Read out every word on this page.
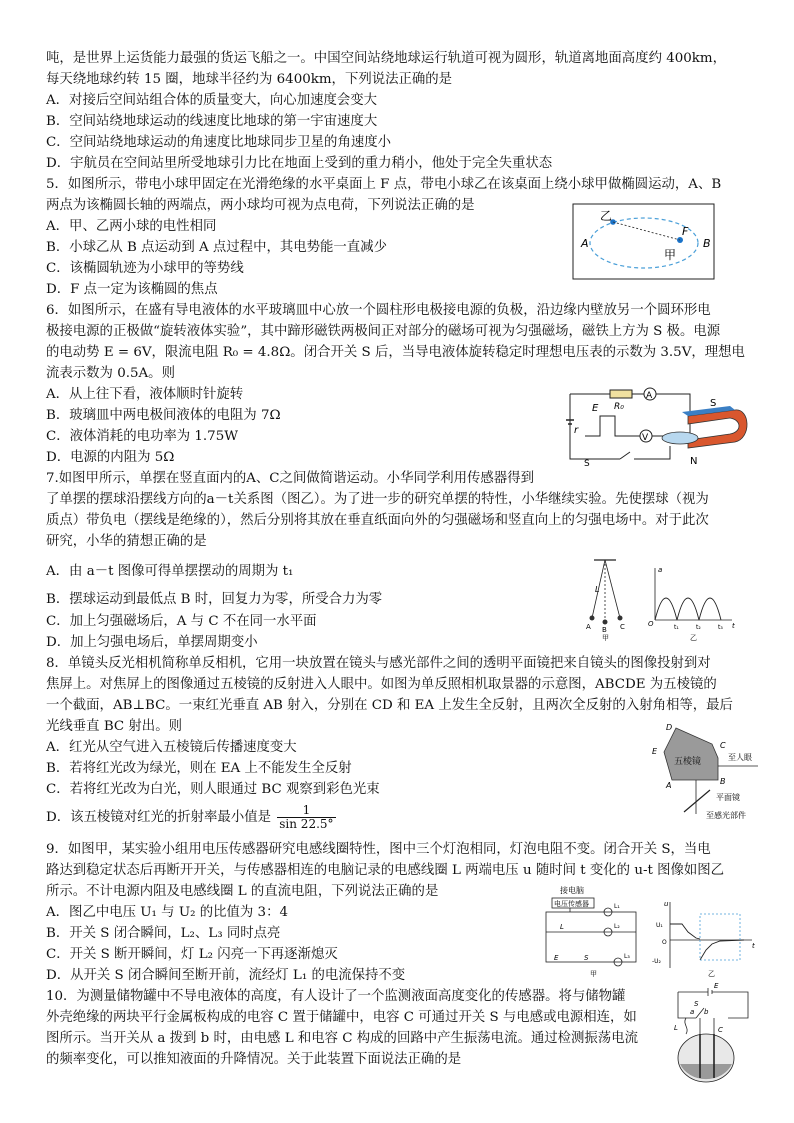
吨，是世界上运货能力最强的货运飞船之一。中国空间站绕地球运行轨道可视为圆形，轨道离地面高度约 400km，
每天绕地球约转 15 圈，地球半径约为 6400km，下列说法正确的是
A．对接后空间站组合体的质量变大，向心加速度会变大
B．空间站绕地球运动的线速度比地球的第一宇宙速度大
C．空间站绕地球运动的角速度比地球同步卫星的角速度小
D．宇航员在空间站里所受地球引力比在地面上受到的重力稍小，他处于完全失重状态
5．如图所示，带电小球甲固定在光滑绝缘的水平桌面上 F 点，带电小球乙在该桌面上绕小球甲做椭圆运动，A、B
两点为该椭圆长轴的两端点，两小球均可视为点电荷，下列说法正确的是
A．甲、乙两小球的电性相同
B．小球乙从 B 点运动到 A 点过程中，其电势能一直减少
C．该椭圆轨迹为小球甲的等势线
D．F 点一定为该椭圆的焦点
乙
A	B
F
甲
6．如图所示，在盛有导电液体的水平玻璃皿中心放一个圆柱形电极接电源的负极，沿边缘内壁放另一个圆环形电
极接电源的正极做“旋转液体实验”，其中蹄形磁铁两极间正对部分的磁场可视为匀强磁场，磁铁上方为 S 极。电源
的电动势 E = 6V，限流电阻 R₀ = 4.8Ω。闭合开关 S 后，当导电液体旋转稳定时理想电压表的示数为 3.5V，理想电
流表示数为 0.5A。则
A．从上往下看，液体顺时针旋转
B．玻璃皿中两电极间液体的电阻为 7Ω
C．液体消耗的电功率为 1.75W
D．电源的内阻为 5Ω
E
r
R₀
A
V
S
S
N
7.如图甲所示，单摆在竖直面内的A、C之间做简谐运动。小华同学利用传感器得到
了单摆的摆球沿摆线方向的a－t关系图（图乙）。为了进一步的研究单摆的特性，小华继续实验。先使摆球（视为
质点）带负电（摆线是绝缘的），然后分别将其放在垂直纸面向外的匀强磁场和竖直向上的匀强电场中。对于此次
研究，小华的猜想正确的是
A．由 a－t 图像可得单摆摆动的周期为 t₁
B．摆球运动到最低点 B 时，回复力为零，所受合力为零
C．加上匀强磁场后，A 与 C 不在同一水平面
D．加上匀强电场后，单摆周期变小
L
A B C
甲
O
a
t
t₁	t₂	t₃
乙
8．单镜头反光相机简称单反相机，它用一块放置在镜头与感光部件之间的透明平面镜把来自镜头的图像投射到对
焦屏上。对焦屏上的图像通过五棱镜的反射进入人眼中。如图为单反照相机取景器的示意图，ABCDE 为五棱镜的
一个截面，AB⊥BC。一束红光垂直 AB 射入，分别在 CD 和 EA 上发生全反射，且两次全反射的入射角相等，最后
光线垂直 BC 射出。则
A．红光从空气进入五棱镜后传播速度变大
B．若将红光改为绿光，则在 EA 上不能发生全反射
C．若将红光改为白光，则人眼通过 BC 观察到彩色光束
D．该五棱镜对红光的折射率最小值是 $\frac{1}{\sin 22.5^\circ}$
五棱镜
D
E
A	B
C
至人眼
平面镜
至感光部件
9．如图甲，某实验小组用电压传感器研究电感线圈特性，图中三个灯泡相同，灯泡电阻不变。闭合开关 S，当电
路达到稳定状态后再断开开关，与传感器相连的电脑记录的电感线圈 L 两端电压 u 随时间 t 变化的 u-t 图像如图乙
所示。不计电源内阻及电感线圈 L 的直流电阻，下列说法正确的是
A．图乙中电压 U₁ 与 U₂ 的比值为 3：4
B．开关 S 闭合瞬间，L₂、L₃ 同时点亮
C．开关 S 断开瞬间，灯 L₂ 闪亮一下再逐渐熄灭
D．从开关 S 闭合瞬间至断开前，流经灯 L₁ 的电流保持不变
接电脑
电压传感器
L
E	S
L₁
L₂
L₃
甲
u
t
U₁
-U₂
O
乙
10．为测量储物罐中不导电液体的高度，有人设计了一个监测液面高度变化的传感器。将与储物罐
外壳绝缘的两块平行金属板构成的电容 C 置于储罐中，电容 C 可通过开关 S 与电感或电源相连，如
图所示。当开关从 a 拨到 b 时，由电感 L 和电容 C 构成的回路中产生振荡电流。通过检测振荡电流
的频率变化，可以推知液面的升降情况。关于此装置下面说法正确的是
a b
S
L	C
E
